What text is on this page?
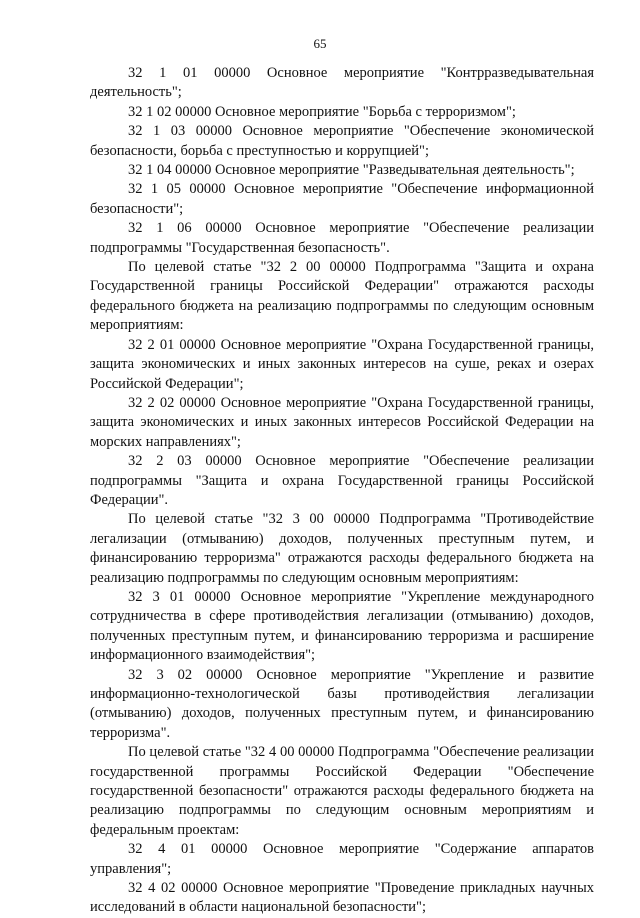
65

32 1 01 00000 Основное мероприятие "Контрразведывательная деятельность";

32 1 02 00000 Основное мероприятие "Борьба с терроризмом";

32 1 03 00000 Основное мероприятие "Обеспечение экономической безопасности, борьба с преступностью и коррупцией";

32 1 04 00000 Основное мероприятие "Разведывательная деятельность";

32 1 05 00000 Основное мероприятие "Обеспечение информационной безопасности";

32 1 06 00000 Основное мероприятие "Обеспечение реализации подпрограммы "Государственная безопасность".

По целевой статье "32 2 00 00000 Подпрограмма "Защита и охрана Государственной границы Российской Федерации" отражаются расходы федерального бюджета на реализацию подпрограммы по следующим основным мероприятиям:

32 2 01 00000 Основное мероприятие "Охрана Государственной границы, защита экономических и иных законных интересов на суше, реках и озерах Российской Федерации";

32 2 02 00000 Основное мероприятие "Охрана Государственной границы, защита экономических и иных законных интересов Российской Федерации на морских направлениях";

32 2 03 00000 Основное мероприятие "Обеспечение реализации подпрограммы "Защита и охрана Государственной границы Российской Федерации".

По целевой статье "32 3 00 00000 Подпрограмма "Противодействие легализации (отмыванию) доходов, полученных преступным путем, и финансированию терроризма" отражаются расходы федерального бюджета на реализацию подпрограммы по следующим основным мероприятиям:

32 3 01 00000 Основное мероприятие "Укрепление международного сотрудничества в сфере противодействия легализации (отмыванию) доходов, полученных преступным путем, и финансированию терроризма и расширение информационного взаимодействия";

32 3 02 00000 Основное мероприятие "Укрепление и развитие информационно-технологической базы противодействия легализации (отмыванию) доходов, полученных преступным путем, и финансированию терроризма".

По целевой статье "32 4 00 00000 Подпрограмма "Обеспечение реализации государственной программы Российской Федерации "Обеспечение государственной безопасности" отражаются расходы федерального бюджета на реализацию подпрограммы по следующим основным мероприятиям и федеральным проектам:

32 4 01 00000 Основное мероприятие "Содержание аппаратов управления";

32 4 02 00000 Основное мероприятие "Проведение прикладных научных исследований в области национальной безопасности";
